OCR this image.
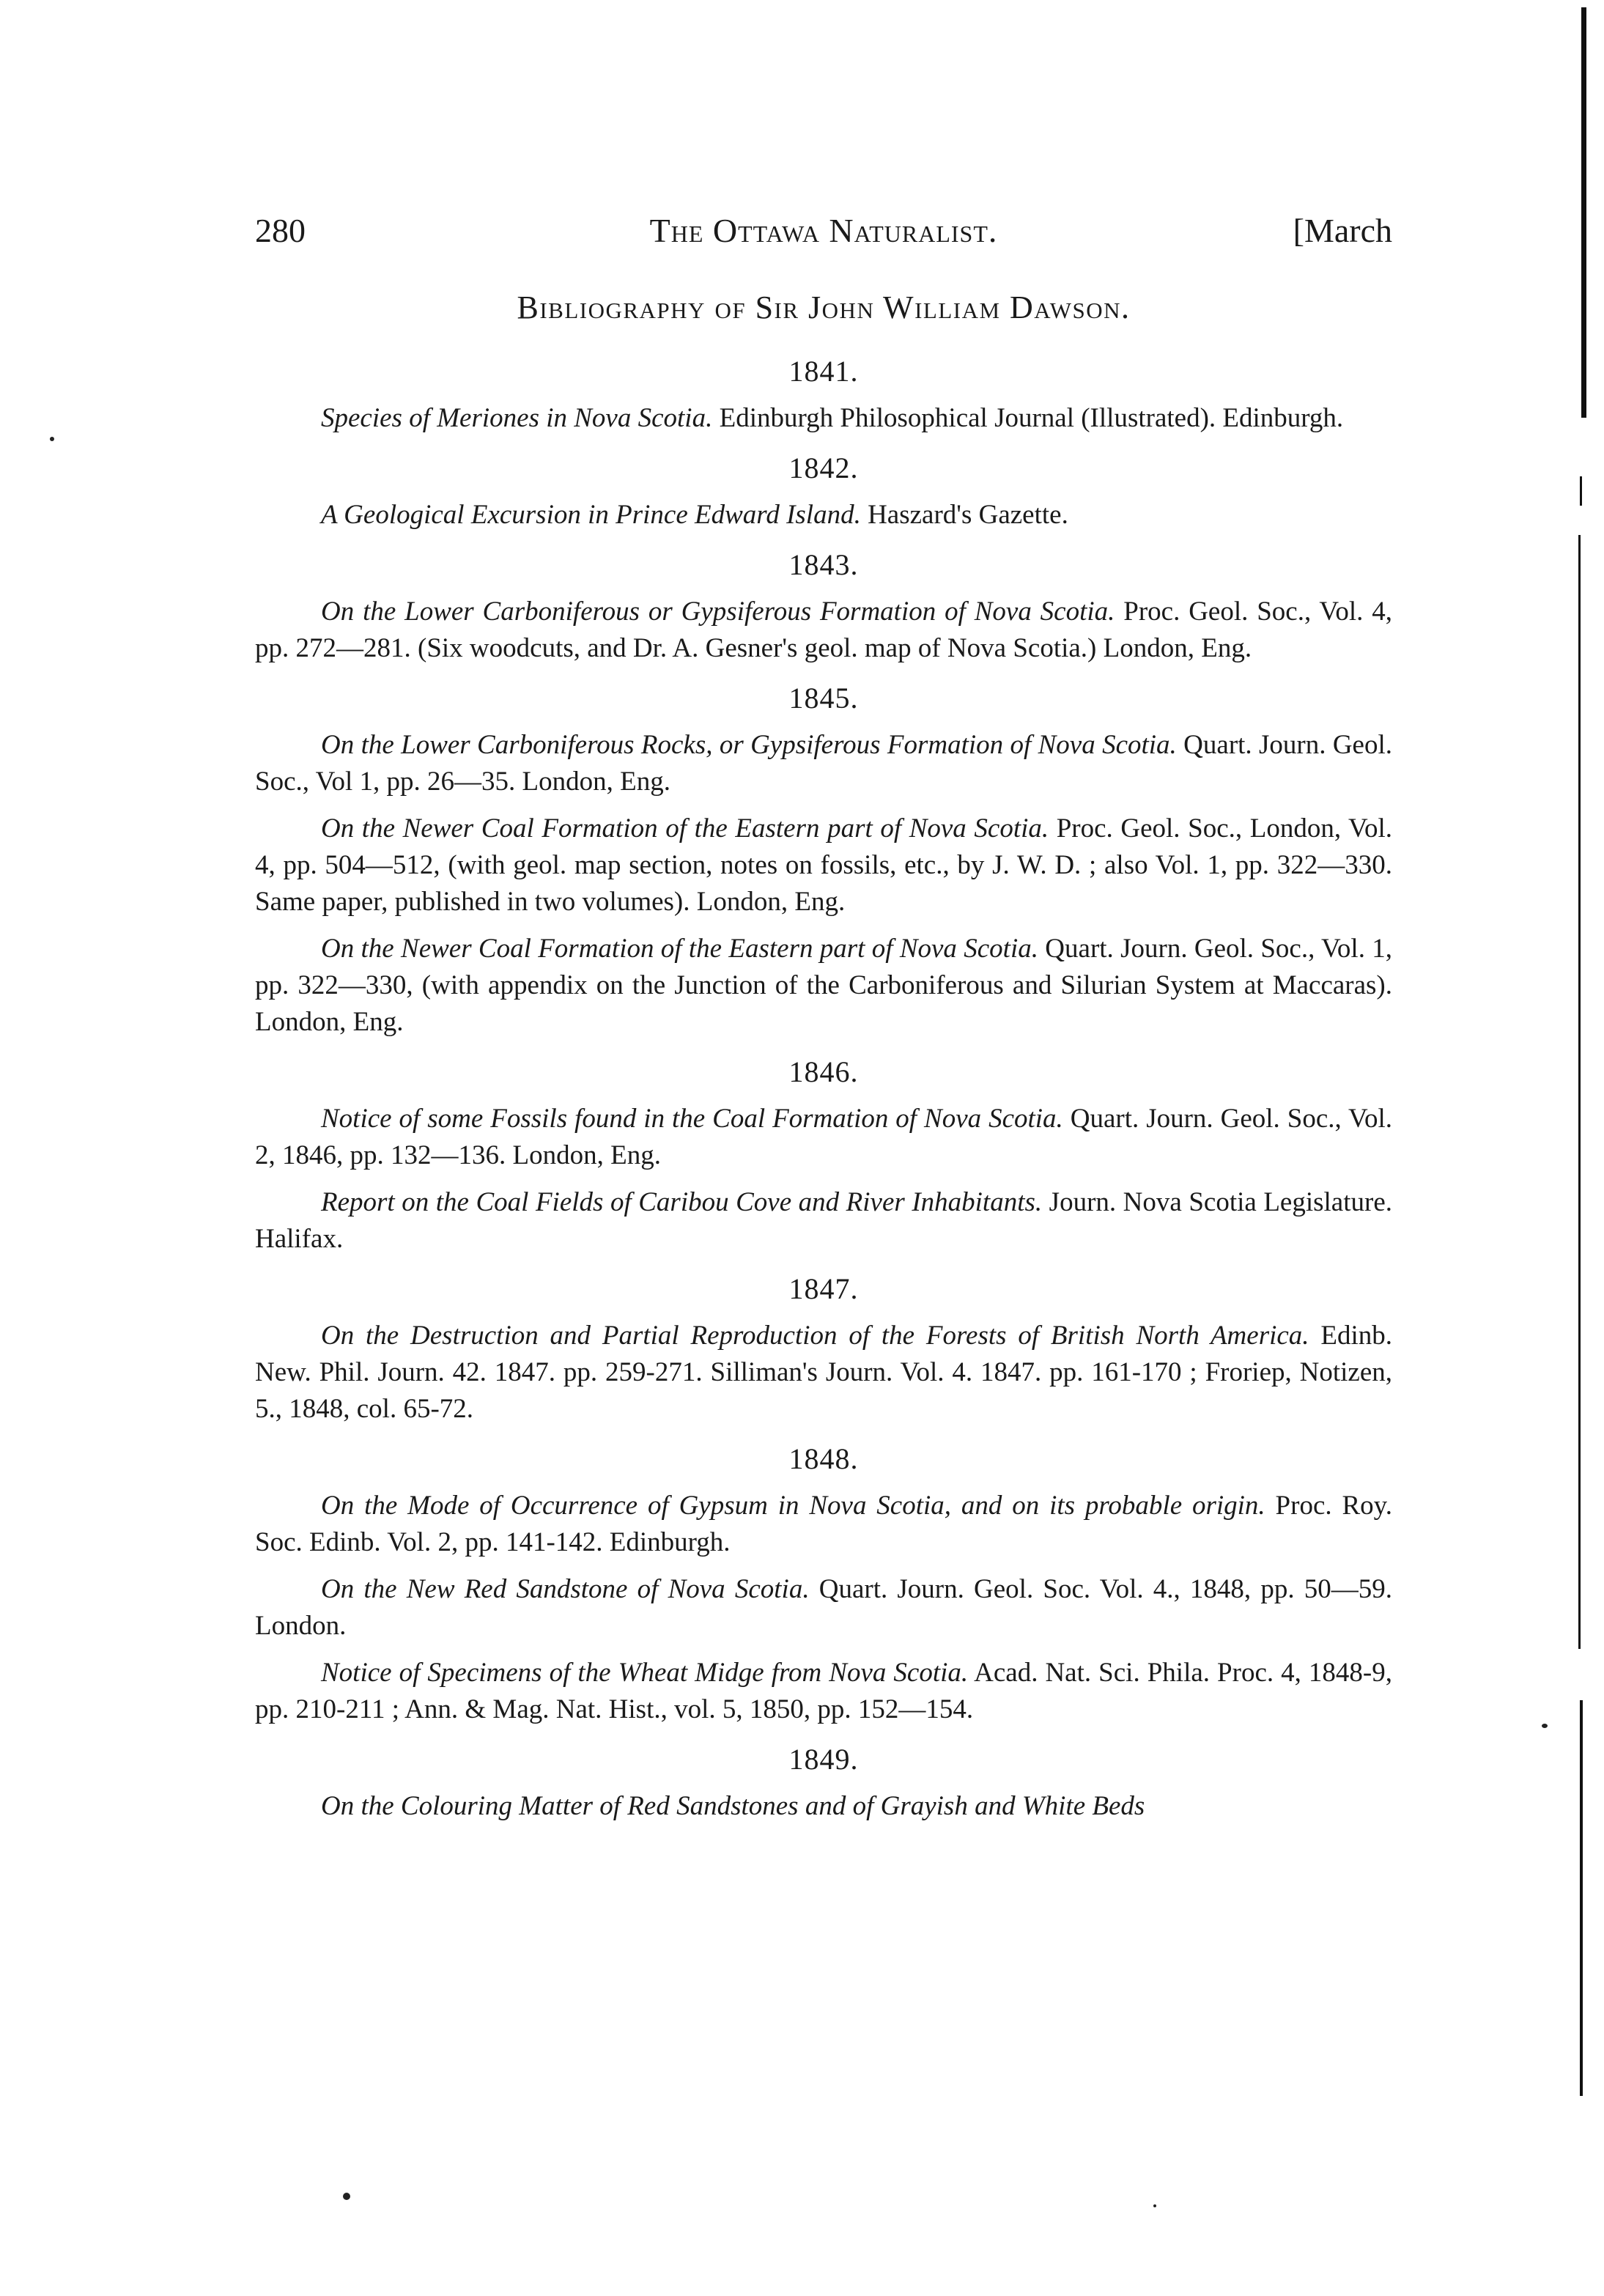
280	The Ottawa Naturalist.	[March
Bibliography of Sir John William Dawson.
1841.

Species of Meriones in Nova Scotia. Edinburgh Philosophical Journal (Illustrated). Edinburgh.

1842.

A Geological Excursion in Prince Edward Island. Haszard's Gazette.

1843.

On the Lower Carboniferous or Gypsiferous Formation of Nova Scotia. Proc. Geol. Soc., Vol. 4, pp. 272—281. (Six woodcuts, and Dr. A. Gesner's geol. map of Nova Scotia.) London, Eng.

1845.

On the Lower Carboniferous Rocks, or Gypsiferous Formation of Nova Scotia. Quart. Journ. Geol. Soc., Vol 1, pp. 26—35. London, Eng.

On the Newer Coal Formation of the Eastern part of Nova Scotia. Proc. Geol. Soc., London, Vol. 4, pp. 504—512, (with geol. map section, notes on fossils, etc., by J. W. D. ; also Vol. 1, pp. 322—330. Same paper, published in two volumes). London, Eng.

On the Newer Coal Formation of the Eastern part of Nova Scotia. Quart. Journ. Geol. Soc., Vol. 1, pp. 322—330, (with appendix on the Junction of the Carboniferous and Silurian System at Maccaras). London, Eng.

1846.

Notice of some Fossils found in the Coal Formation of Nova Scotia. Quart. Journ. Geol. Soc., Vol. 2, 1846, pp. 132—136. London, Eng.

Report on the Coal Fields of Caribou Cove and River Inhabitants. Journ. Nova Scotia Legislature. Halifax.

1847.

On the Destruction and Partial Reproduction of the Forests of British North America. Edinb. New. Phil. Journ. 42. 1847. pp. 259-271. Silliman's Journ. Vol. 4. 1847. pp. 161-170 ; Froriep, Notizen, 5., 1848, col. 65-72.

1848.

On the Mode of Occurrence of Gypsum in Nova Scotia, and on its probable origin. Proc. Roy. Soc. Edinb. Vol. 2, pp. 141-142. Edinburgh.

On the New Red Sandstone of Nova Scotia. Quart. Journ. Geol. Soc. Vol. 4., 1848, pp. 50—59. London.

Notice of Specimens of the Wheat Midge from Nova Scotia. Acad. Nat. Sci. Phila. Proc. 4, 1848-9, pp. 210-211 ; Ann. & Mag. Nat. Hist., vol. 5, 1850, pp. 152—154.

1849.

On the Colouring Matter of Red Sandstones and of Grayish and White Beds
